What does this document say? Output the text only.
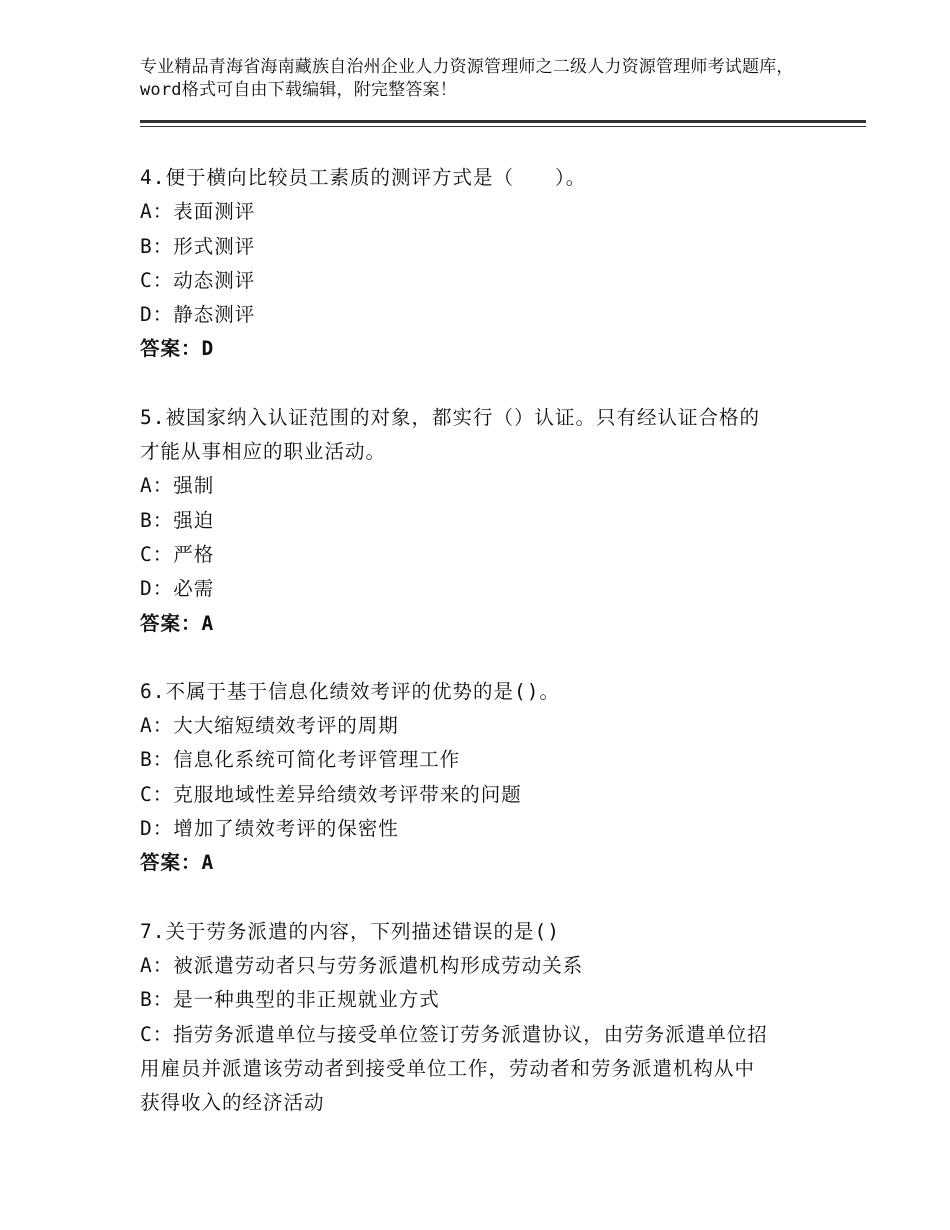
专业精品青海省海南藏族自治州企业人力资源管理师之二级人力资源管理师考试题库，word格式可自由下载编辑，附完整答案！
4.便于横向比较员工素质的测评方式是（　　）。
A：表面测评
B：形式测评
C：动态测评
D：静态测评
答案：D
5.被国家纳入认证范围的对象，都实行（）认证。只有经认证合格的
才能从事相应的职业活动。
A：强制
B：强迫
C：严格
D：必需
答案：A
6.不属于基于信息化绩效考评的优势的是()。
A：大大缩短绩效考评的周期
B：信息化系统可简化考评管理工作
C：克服地域性差异给绩效考评带来的问题
D：增加了绩效考评的保密性
答案：A
7.关于劳务派遣的内容，下列描述错误的是()
A：被派遣劳动者只与劳务派遣机构形成劳动关系
B：是一种典型的非正规就业方式
C：指劳务派遣单位与接受单位签订劳务派遣协议，由劳务派遣单位招
用雇员并派遣该劳动者到接受单位工作，劳动者和劳务派遣机构从中
获得收入的经济活动
